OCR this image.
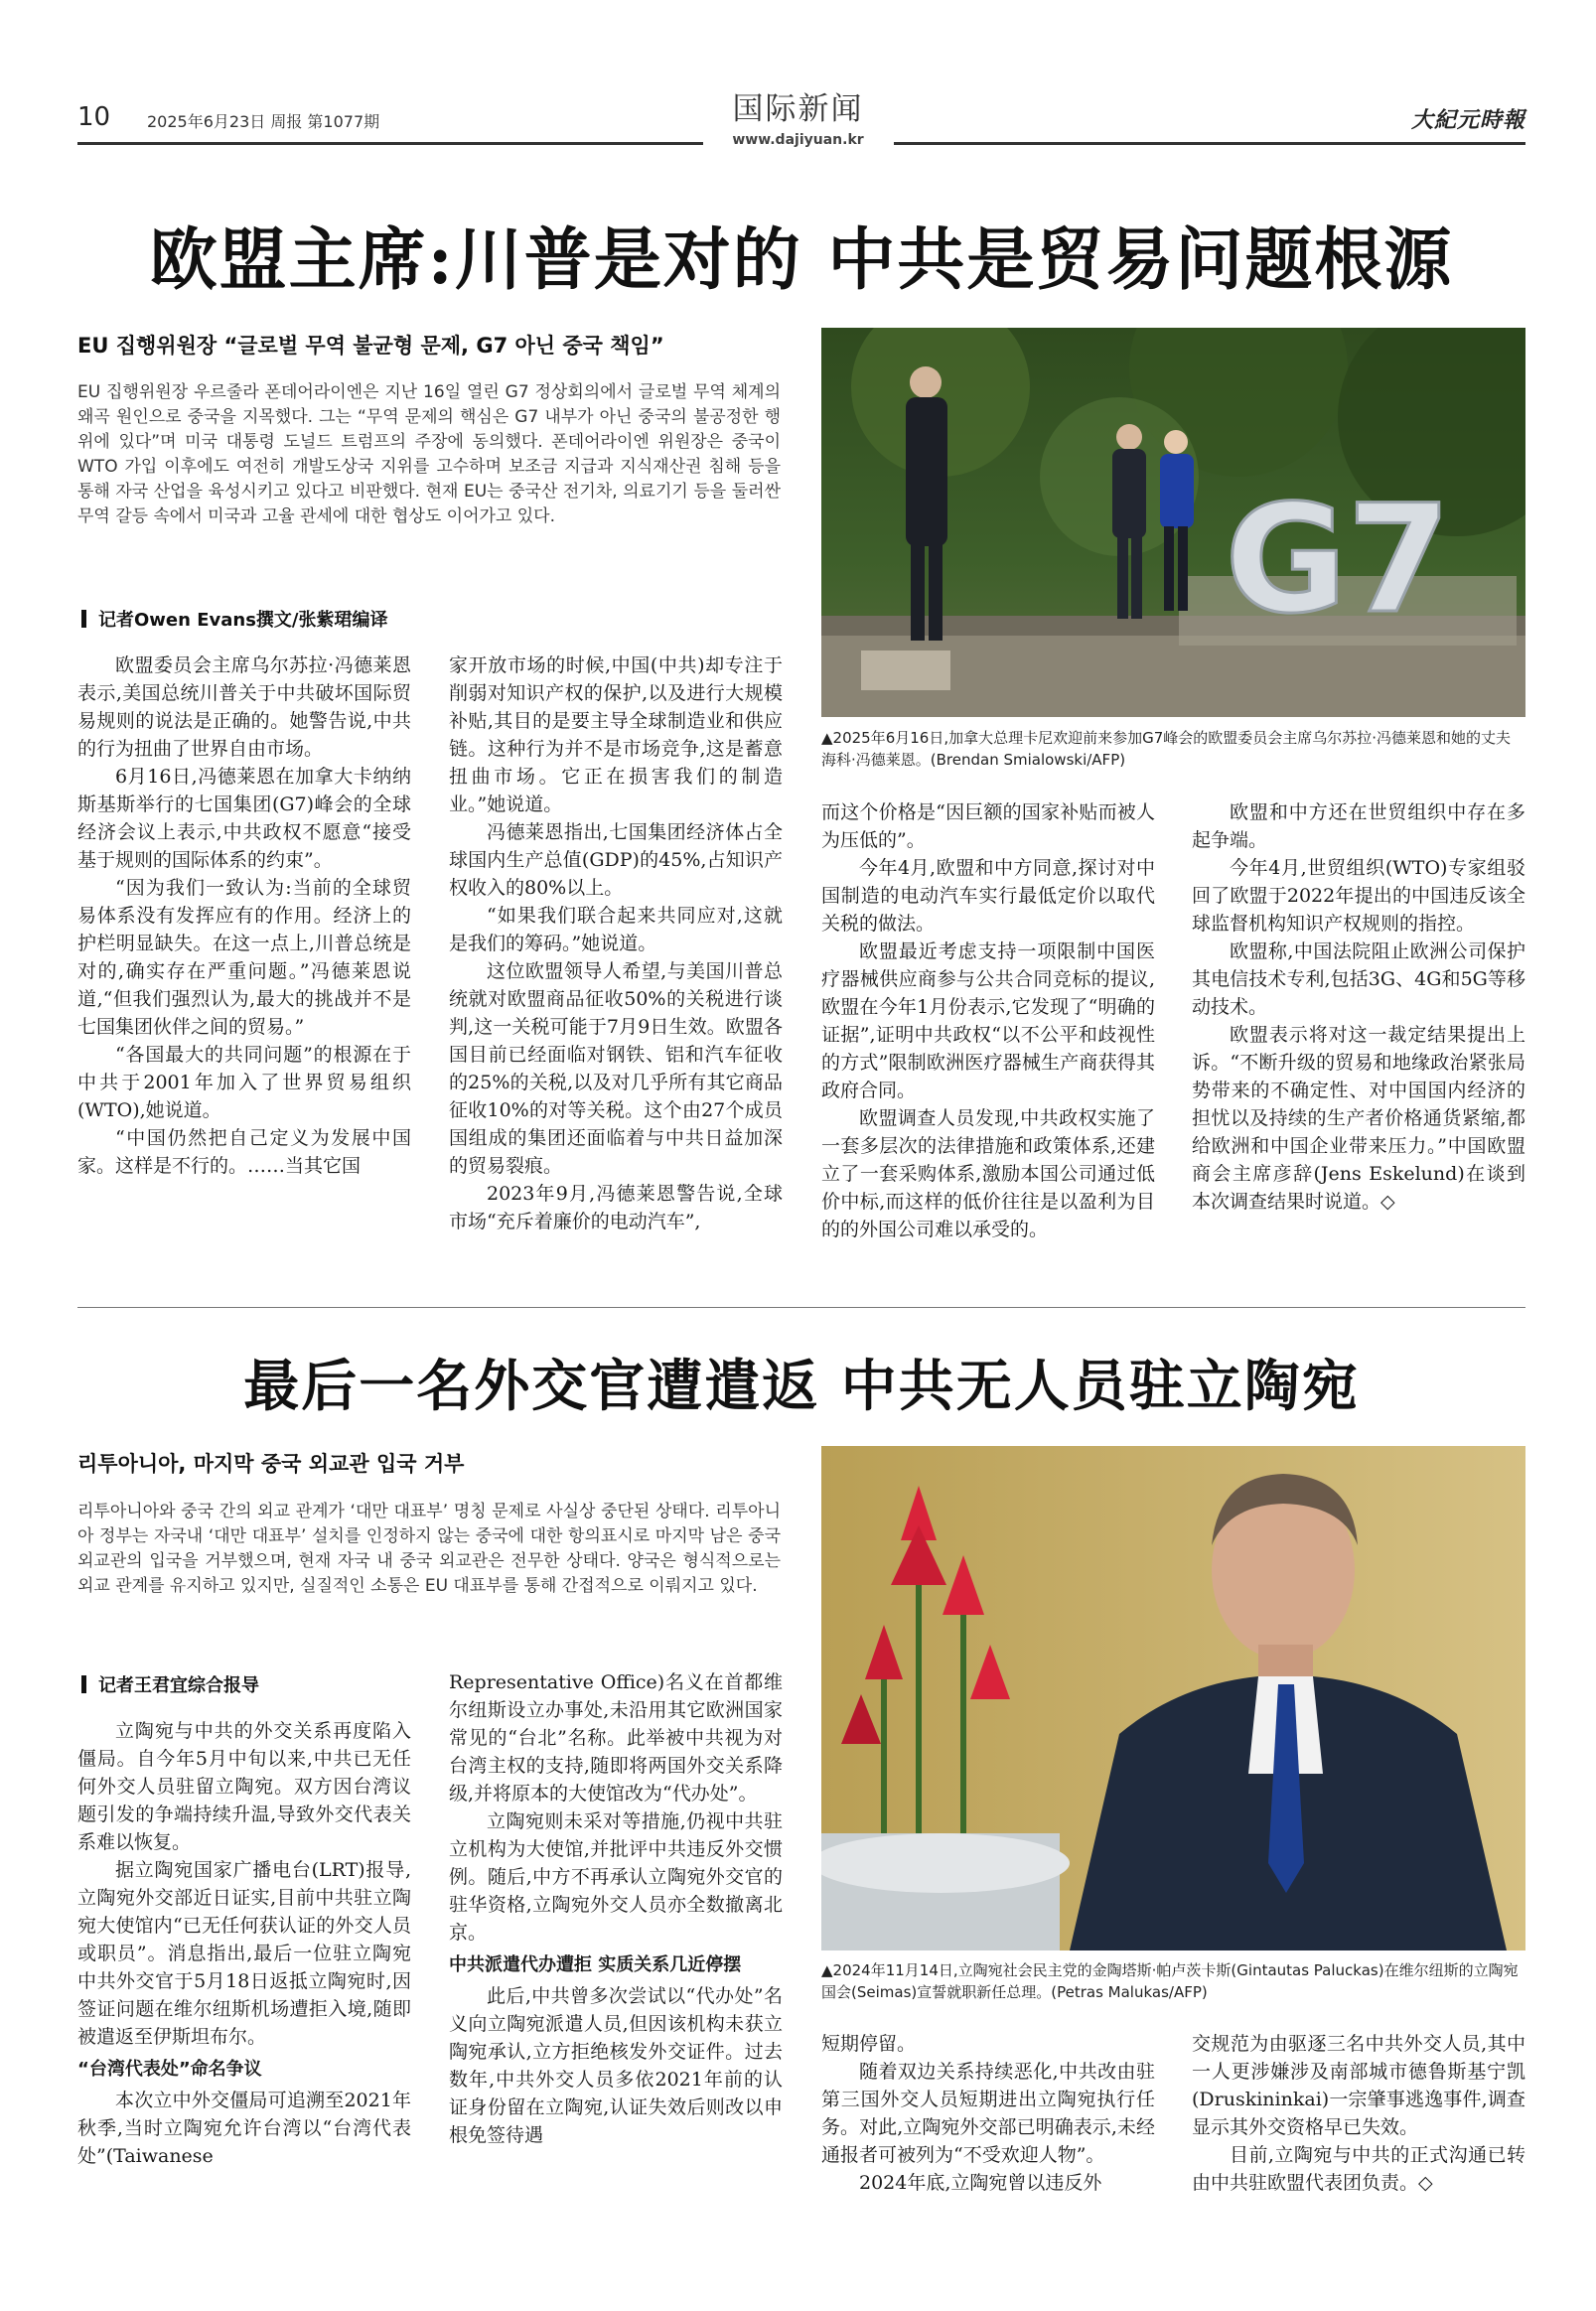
10 2025年6月23日 周报 第1077期	国际新闻
www.dajiyuan.kr
大紀元時報
欧盟主席:川普是对的 中共是贸易问题根源
EU 집행위원장 “글로벌 무역 불균형 문제, G7 아닌 중국 책임”
EU 집행위원장 우르줄라 폰데어라이엔은 지난 16일 열린 G7 정상회의에서 글로벌 무역 체계의 왜곡 원인으로 중국을 지목했다. 그는 “무역 문제의 핵심은 G7 내부가 아닌 중국의 불공정한 행위에 있다”며 미국 대통령 도널드 트럼프의 주장에 동의했다. 폰데어라이엔 위원장은 중국이 WTO 가입 이후에도 여전히 개발도상국 지위를 고수하며 보조금 지급과 지식재산권 침해 등을 통해 자국 산업을 육성시키고 있다고 비판했다. 현재 EU는 중국산 전기차, 의료기기 등을 둘러싼 무역 갈등 속에서 미국과 고율 관세에 대한 협상도 이어가고 있다.
记者Owen Evans撰文/张紫珺编译	G7
▲2025年6月16日,加拿大总理卡尼欢迎前来参加G7峰会的欧盟委员会主席乌尔苏拉·冯德莱恩和她的丈夫海科·冯德莱恩。(Brendan Smialowski/AFP)

欧盟委员会主席乌尔苏拉·冯德莱恩表示,美国总统川普关于中共破坏国际贸易规则的说法是正确的。她警告说,中共的行为扭曲了世界自由市场。

6月16日,冯德莱恩在加拿大卡纳纳斯基斯举行的七国集团(G7)峰会的全球经济会议上表示,中共政权不愿意“接受基于规则的国际体系的约束”。

“因为我们一致认为:当前的全球贸易体系没有发挥应有的作用。经济上的护栏明显缺失。在这一点上,川普总统是对的,确实存在严重问题。”冯德莱恩说道,“但我们强烈认为,最大的挑战并不是七国集团伙伴之间的贸易。”

“各国最大的共同问题”的根源在于中共于2001年加入了世界贸易组织(WTO),她说道。

“中国仍然把自己定义为发展中国家。这样是不行的。……当其它国

家开放市场的时候,中国(中共)却专注于削弱对知识产权的保护,以及进行大规模补贴,其目的是要主导全球制造业和供应链。这种行为并不是市场竞争,这是蓄意扭曲市场。它正在损害我们的制造业。”她说道。

冯德莱恩指出,七国集团经济体占全球国内生产总值(GDP)的45%,占知识产权收入的80%以上。

“如果我们联合起来共同应对,这就是我们的筹码。”她说道。

这位欧盟领导人希望,与美国川普总统就对欧盟商品征收50%的关税进行谈判,这一关税可能于7月9日生效。欧盟各国目前已经面临对钢铁、铝和汽车征收的25%的关税,以及对几乎所有其它商品征收10%的对等关税。这个由27个成员国组成的集团还面临着与中共日益加深的贸易裂痕。

2023年9月,冯德莱恩警告说,全球市场“充斥着廉价的电动汽车”,

而这个价格是“因巨额的国家补贴而被人为压低的”。

今年4月,欧盟和中方同意,探讨对中国制造的电动汽车实行最低定价以取代关税的做法。

欧盟最近考虑支持一项限制中国医疗器械供应商参与公共合同竞标的提议,欧盟在今年1月份表示,它发现了“明确的证据”,证明中共政权“以不公平和歧视性的方式”限制欧洲医疗器械生产商获得其政府合同。

欧盟调查人员发现,中共政权实施了一套多层次的法律措施和政策体系,还建立了一套采购体系,激励本国公司通过低价中标,而这样的低价往往是以盈利为目的的外国公司难以承受的。

欧盟和中方还在世贸组织中存在多起争端。

今年4月,世贸组织(WTO)专家组驳回了欧盟于2022年提出的中国违反该全球监督机构知识产权规则的指控。

欧盟称,中国法院阻止欧洲公司保护其电信技术专利,包括3G、4G和5G等移动技术。

欧盟表示将对这一裁定结果提出上诉。“不断升级的贸易和地缘政治紧张局势带来的不确定性、对中国国内经济的担忧以及持续的生产者价格通货紧缩,都给欧洲和中国企业带来压力。”中国欧盟商会主席彦辞(Jens Eskelund)在谈到本次调查结果时说道。◇

最后一名外交官遭遣返 中共无人员驻立陶宛
리투아니아, 마지막 중국 외교관 입국 거부
리투아니아와 중국 간의 외교 관계가 ‘대만 대표부’ 명칭 문제로 사실상 중단된 상태다. 리투아니아 정부는 자국내 ‘대만 대표부’ 설치를 인정하지 않는 중국에 대한 항의표시로 마지막 남은 중국 외교관의 입국을 거부했으며, 현재 자국 내 중국 외교관은 전무한 상태다. 양국은 형식적으로는 외교 관계를 유지하고 있지만, 실질적인 소통은 EU 대표부를 통해 간접적으로 이뤄지고 있다.
记者王君宜综合报导
▲2024年11月14日,立陶宛社会民主党的金陶塔斯·帕卢茨卡斯(Gintautas Paluckas)在维尔纽斯的立陶宛国会(Seimas)宣誓就职新任总理。(Petras Malukas/AFP)

立陶宛与中共的外交关系再度陷入僵局。自今年5月中旬以来,中共已无任何外交人员驻留立陶宛。双方因台湾议题引发的争端持续升温,导致外交代表关系难以恢复。

据立陶宛国家广播电台(LRT)报导,立陶宛外交部近日证实,目前中共驻立陶宛大使馆内“已无任何获认证的外交人员或职员”。消息指出,最后一位驻立陶宛中共外交官于5月18日返抵立陶宛时,因签证问题在维尔纽斯机场遭拒入境,随即被遣返至伊斯坦布尔。

“台湾代表处”命名争议

本次立中外交僵局可追溯至2021年秋季,当时立陶宛允许台湾以“台湾代表处”(Taiwanese

Representative Office)名义在首都维尔纽斯设立办事处,未沿用其它欧洲国家常见的“台北”名称。此举被中共视为对台湾主权的支持,随即将两国外交关系降级,并将原本的大使馆改为“代办处”。

立陶宛则未采对等措施,仍视中共驻立机构为大使馆,并批评中共违反外交惯例。随后,中方不再承认立陶宛外交官的驻华资格,立陶宛外交人员亦全数撤离北京。

中共派遣代办遭拒 实质关系几近停摆

此后,中共曾多次尝试以“代办处”名义向立陶宛派遣人员,但因该机构未获立陶宛承认,立方拒绝核发外交证件。过去数年,中共外交人员多依2021年前的认证身份留在立陶宛,认证失效后则改以申根免签待遇

短期停留。

随着双边关系持续恶化,中共改由驻第三国外交人员短期进出立陶宛执行任务。对此,立陶宛外交部已明确表示,未经通报者可被列为“不受欢迎人物”。

2024年底,立陶宛曾以违反外

交规范为由驱逐三名中共外交人员,其中一人更涉嫌涉及南部城市德鲁斯基宁凯(Druskininkai)一宗肇事逃逸事件,调查显示其外交资格早已失效。

目前,立陶宛与中共的正式沟通已转由中共驻欧盟代表团负责。◇
